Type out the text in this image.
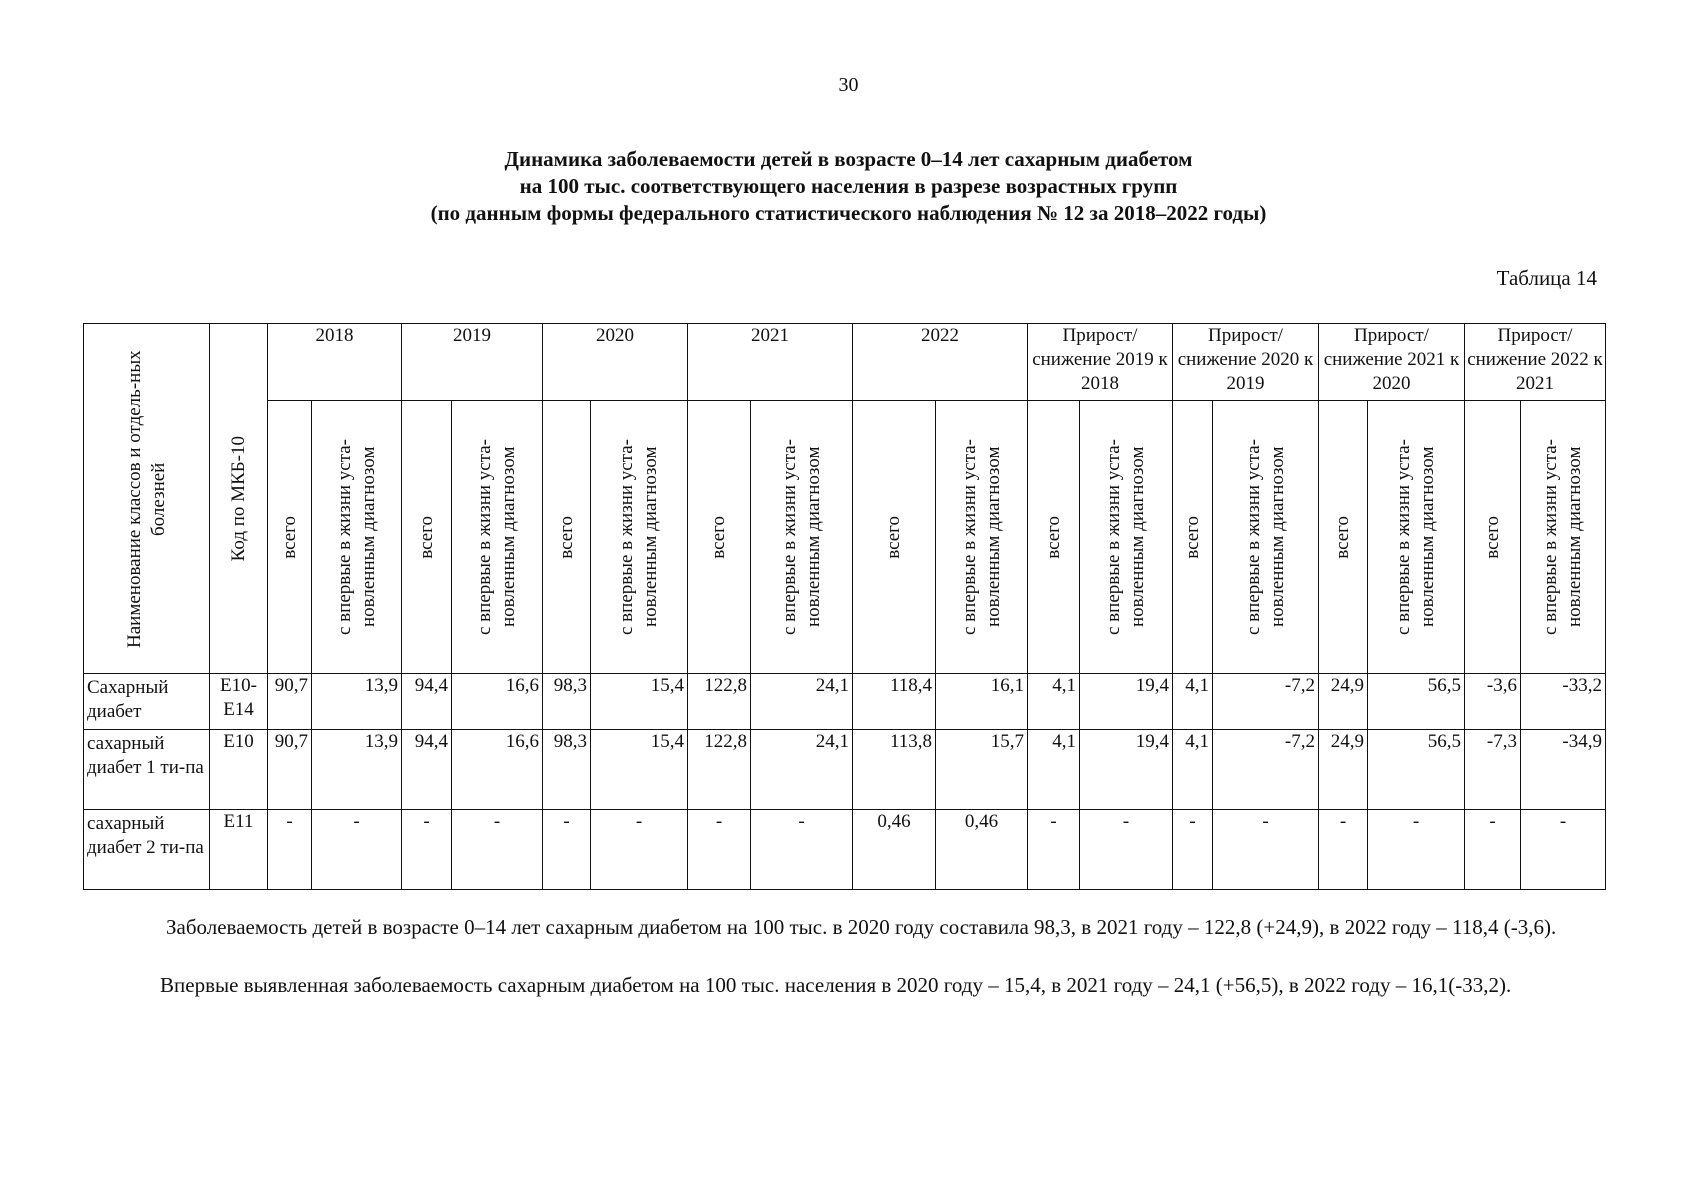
30
Динамика заболеваемости детей в возрасте 0–14 лет сахарным диабетом
на 100 тыс. соответствующего населения в разрезе возрастных групп
(по данным формы федерального статистического наблюдения № 12 за 2018–2022 годы)
Таблица 14
Наименование классов и отдель-ных болезней	Код по МКБ-10	2018		2019		2020		2021		2022		Прирост/ снижение 2019 к 2018		Прирост/ снижение 2020 к 2019		Прирост/ снижение 2021 к 2020		Прирост/ снижение 2022 к 2021	

		всего	с впервые в жизни уста-новленным диагнозом	всего	с впервые в жизни уста-новленным диагнозом	всего	с впервые в жизни уста-новленным диагнозом	всего	с впервые в жизни уста-новленным диагнозом	всего	с впервые в жизни уста-новленным диагнозом	всего	с впервые в жизни уста-новленным диагнозом	всего	с впервые в жизни уста-новленным диагнозом	всего	с впервые в жизни уста-новленным диагнозом	всего	с впервые в жизни уста-новленным диагнозом

Сахарный диабет	Е10-Е14	90,7	13,9	94,4	16,6	98,3	15,4	122,8	24,1	118,4	16,1	4,1	19,4	4,1	-7,2	24,9	56,5	-3,6	-33,2
сахарный диабет 1 ти-па	Е10	90,7	13,9	94,4	16,6	98,3	15,4	122,8	24,1	113,8	15,7	4,1	19,4	4,1	-7,2	24,9	56,5	-7,3	-34,9
сахарный диабет 2 ти-па	Е11	-	-	-	-	-	-	-	-	0,46	0,46	-	-	-	-	-	-	-	-
Заболеваемость детей в возрасте 0–14 лет сахарным диабетом на 100 тыс. в 2020 году составила 98,3, в 2021 году – 122,8 (+24,9), в 2022 году – 118,4 (-3,6).
Впервые выявленная заболеваемость сахарным диабетом на 100 тыс. населения в 2020 году – 15,4, в 2021 году – 24,1 (+56,5), в 2022 году – 16,1(-33,2).
